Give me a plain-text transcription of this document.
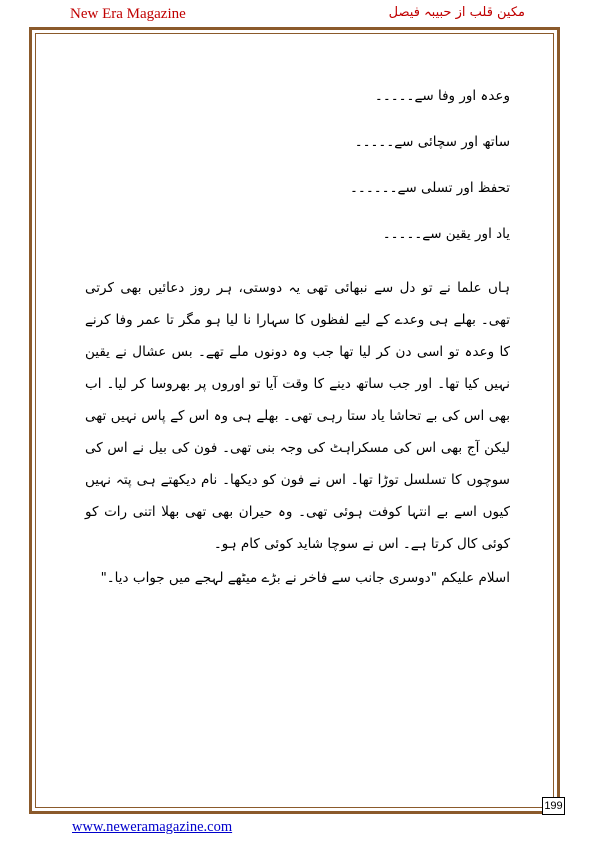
New Era Magazine	مکین قلب از حبیبہ فیصل
وعدہ اور وفا سے۔۔۔۔۔
ساتھ اور سچائی سے۔۔۔۔۔
تحفظ اور تسلی سے۔۔۔۔۔۔
یاد اور یقین سے۔۔۔۔۔
ہاں علما نے تو دل سے نبھائی تھی یہ دوستی، ہر روز دعائیں بھی کرتی تھی۔ بھلے ہی وعدے کے لیے لفظوں کا سہارا نا لیا ہو مگر تا عمر وفا کرنے کا وعدہ تو اسی دن کر لیا تھا جب وہ دونوں ملے تھے۔ بس عشال نے یقین نہیں کیا تھا۔ اور جب ساتھ دینے کا وقت آیا تو اوروں پر بھروسا کر لیا۔ اب بھی اس کی بے تحاشا یاد ستا رہی تھی۔ بھلے ہی وہ اس کے پاس نہیں تھی لیکن آج بھی اس کی مسکراہٹ کی وجہ بنی تھی۔ فون کی بیل نے اس کی سوچوں کا تسلسل توڑا تھا۔ اس نے فون کو دیکھا۔ نام دیکھتے ہی پتہ نہیں کیوں اسے بے انتہا کوفت ہوئی تھی۔ وہ حیران بھی تھی بھلا اتنی رات کو کوئی کال کرتا ہے۔ اس نے سوچا شاید کوئی کام ہو۔
اسلام علیکم "دوسری جانب سے فاخر نے بڑے میٹھے لہجے میں جواب دیا۔"
199
www.neweramagazine.com
